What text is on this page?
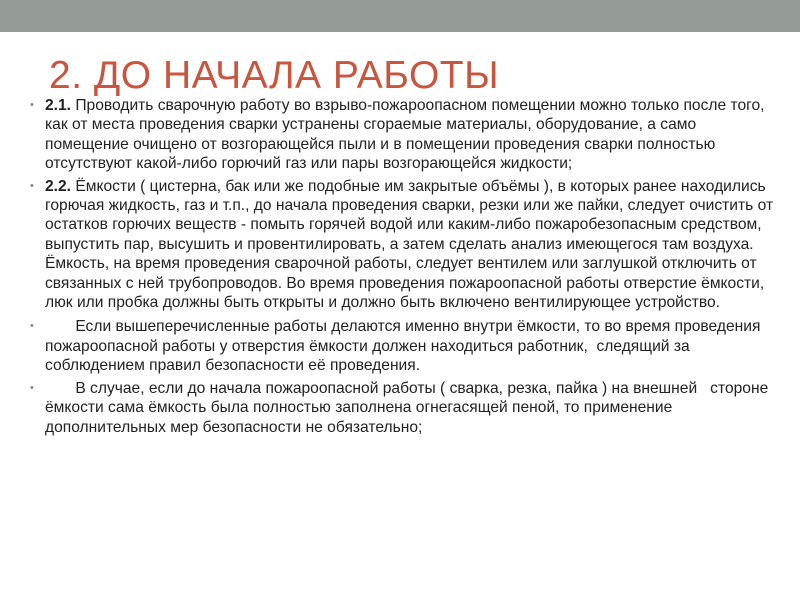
2. ДО НАЧАЛА РАБОТЫ

• 2.1. Проводить сварочную работу во взрыво-пожароопасном помещении можно только после того, как от места проведения сварки устранены сгораемые материалы, оборудование, а само помещение очищено от возгорающейся пыли и в помещении проведения сварки полностью отсутствуют какой-либо горючий газ или пары возгорающейся жидкости;

• 2.2. Ёмкости ( цистерна, бак или же подобные им закрытые объёмы ), в которых ранее находились горючая жидкость, газ и т.п., до начала проведения сварки, резки или же пайки, следует очистить от остатков горючих веществ - помыть горячей водой или каким-либо пожаробезопасным средством, выпустить пар, высушить и провентилировать, а затем сделать анализ имеющегося там воздуха. Ёмкость, на время проведения сварочной работы, следует вентилем или заглушкой отключить от связанных с ней трубопроводов. Во время проведения пожароопасной работы отверстие ёмкости, люк или пробка должны быть открыты и должно быть включено вентилирующее устройство.

• Если вышеперечисленные работы делаются именно внутри ёмкости, то во время проведения пожароопасной работы у отверстия ёмкости должен находиться работник,  следящий за соблюдением правил безопасности её проведения.

• В случае, если до начала пожароопасной работы ( сварка, резка, пайка ) на внешней   стороне ёмкости сама ёмкость была полностью заполнена огнегасящей пеной, то применение дополнительных мер безопасности не обязательно;
